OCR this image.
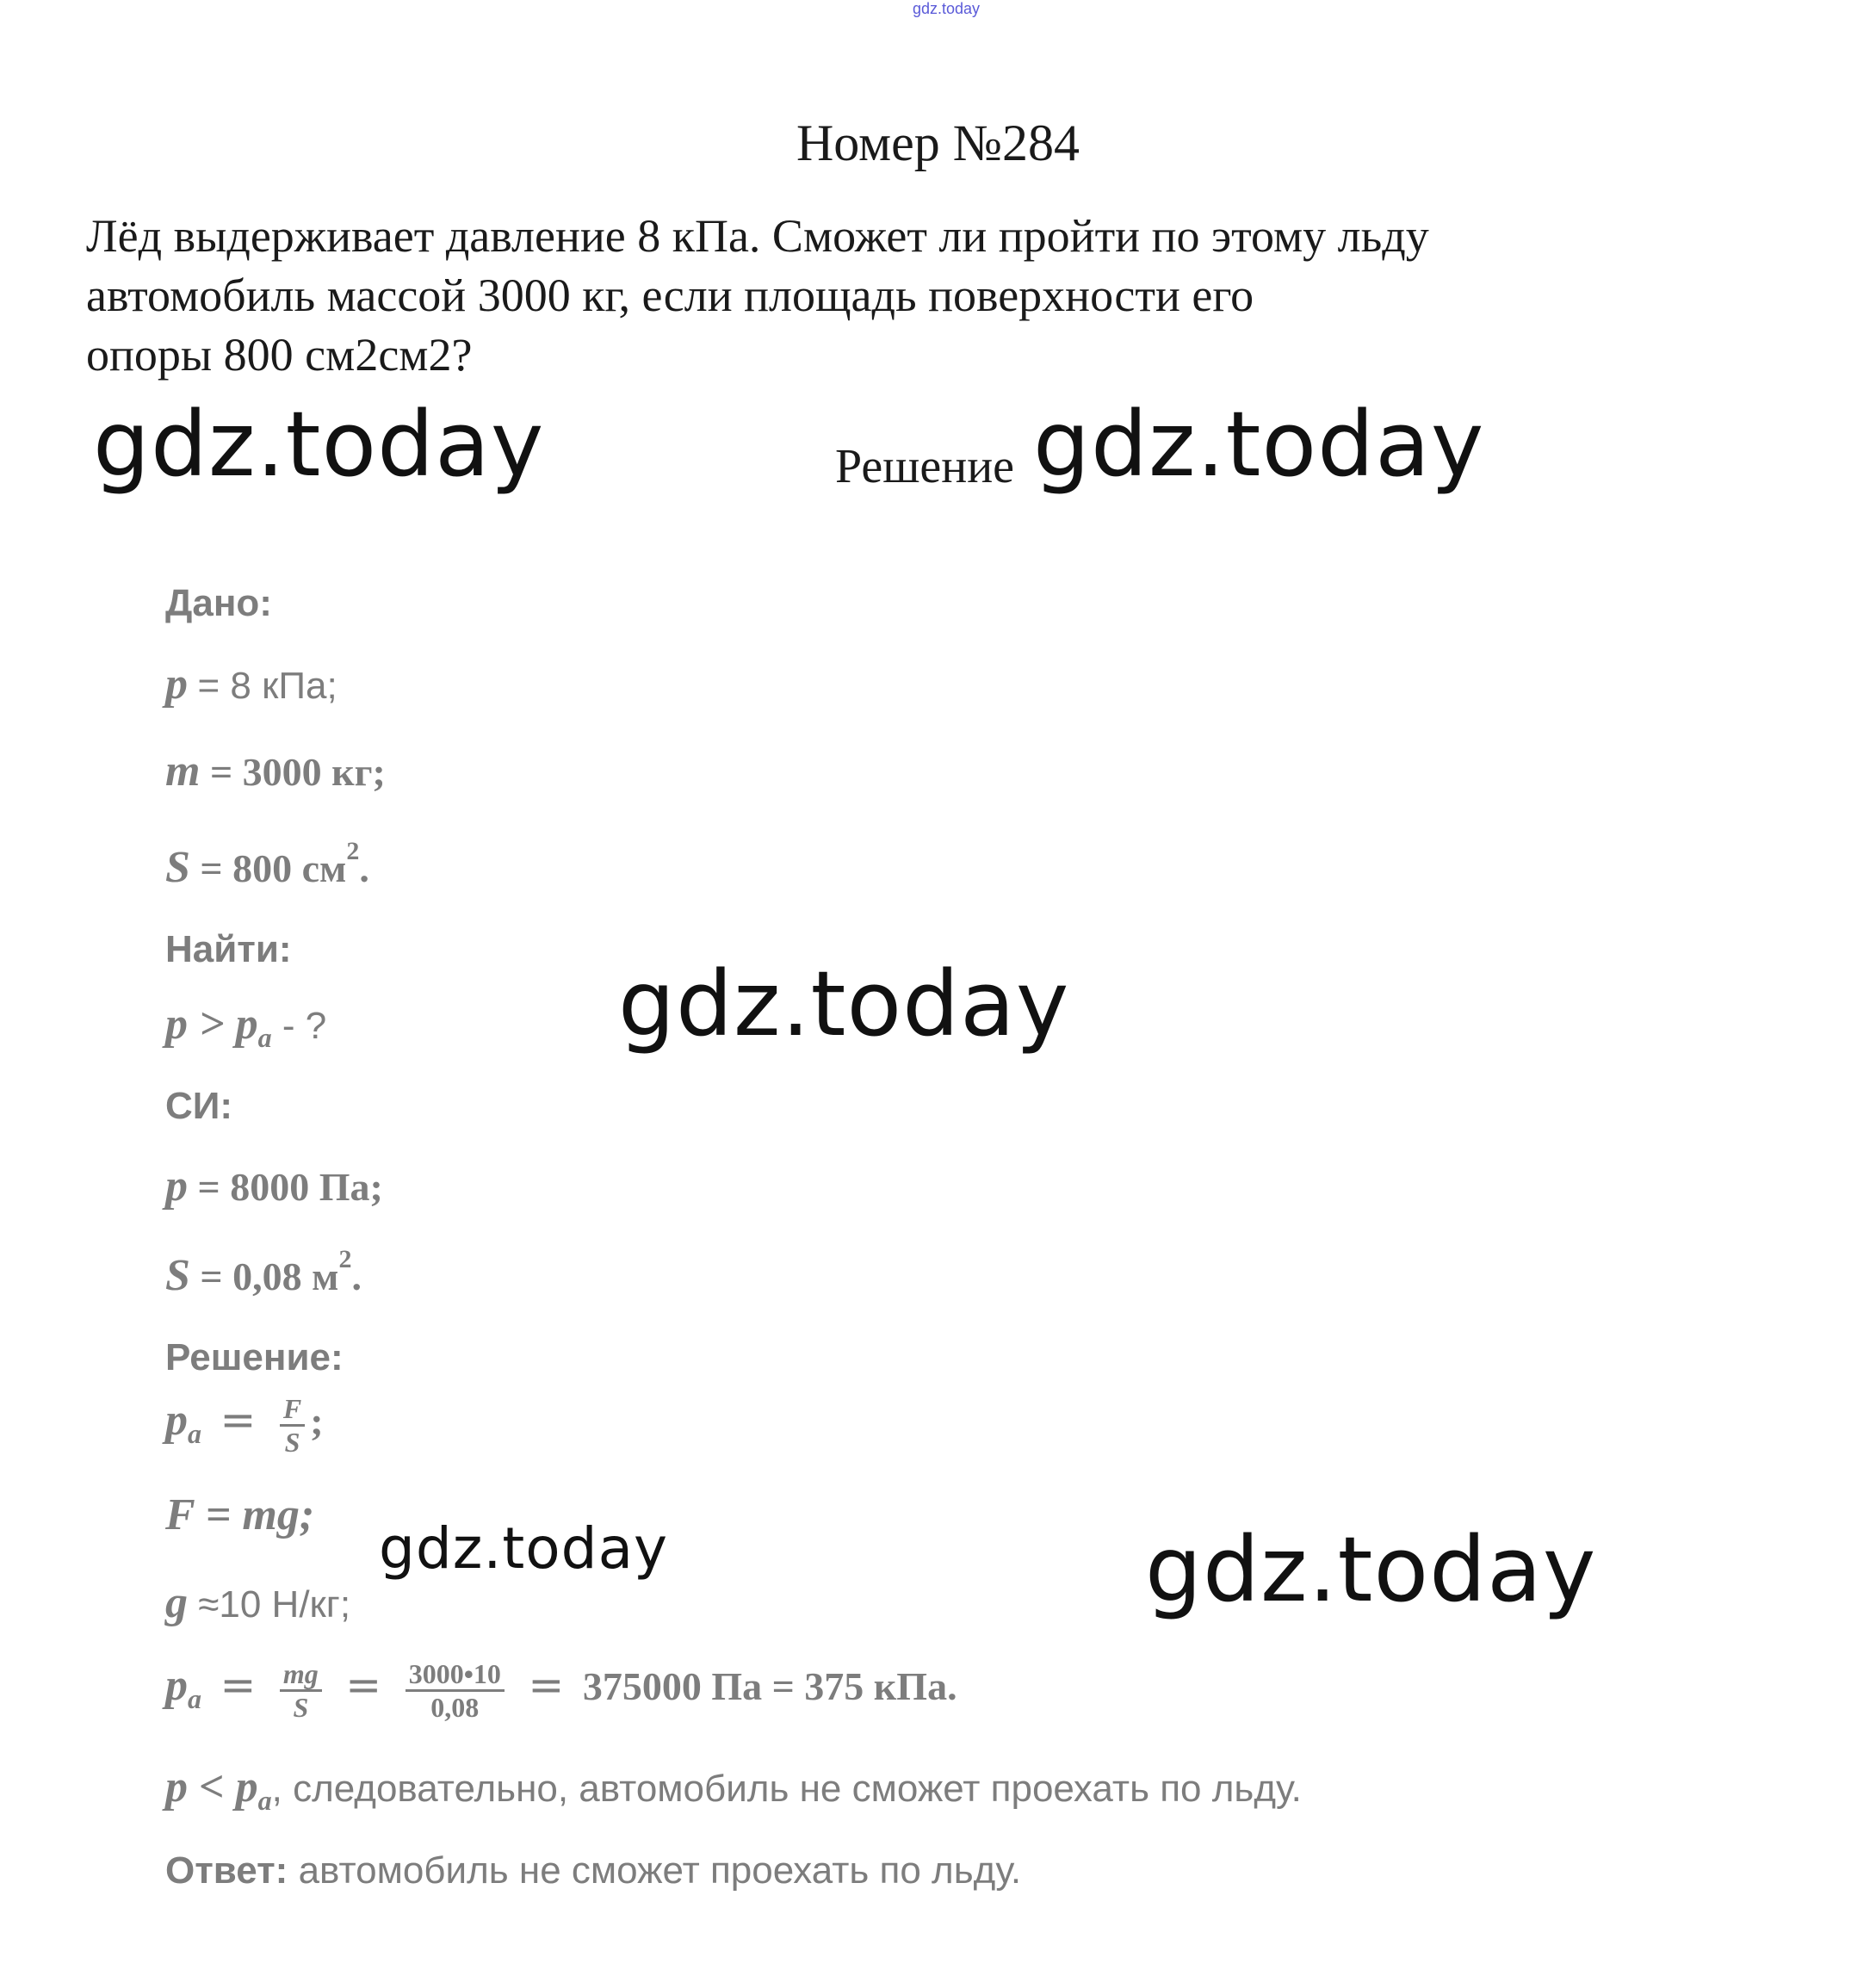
gdz.today
Номер №284
Лёд выдерживает давление 8 кПа. Сможет ли пройти по этому льду
автомобиль массой 3000 кг, если площадь поверхности его
опоры 800 см2см2?
gdz.today	Решение gdz.today
gdz.today
gdz.today	gdz.today
Дано:
p = 8 кПа;
m = 3000 кг;
S = 800 $см^2$.
Найти:
$p > p_a$ - ?
СИ:
p = 8000 Па;
S = 0,08 $м^2$.
Решение:
$p_a = \frac{F}{S}$ ;
F = mg;
g ≈10 Н/кг;
$p_a = \frac{mg}{S} = \frac{3000•10}{0,08} = 375000$ Па = 375 кПа.
$p < p_a$, следовательно, автомобиль не сможет проехать по льду.
Ответ: автомобиль не сможет проехать по льду.
